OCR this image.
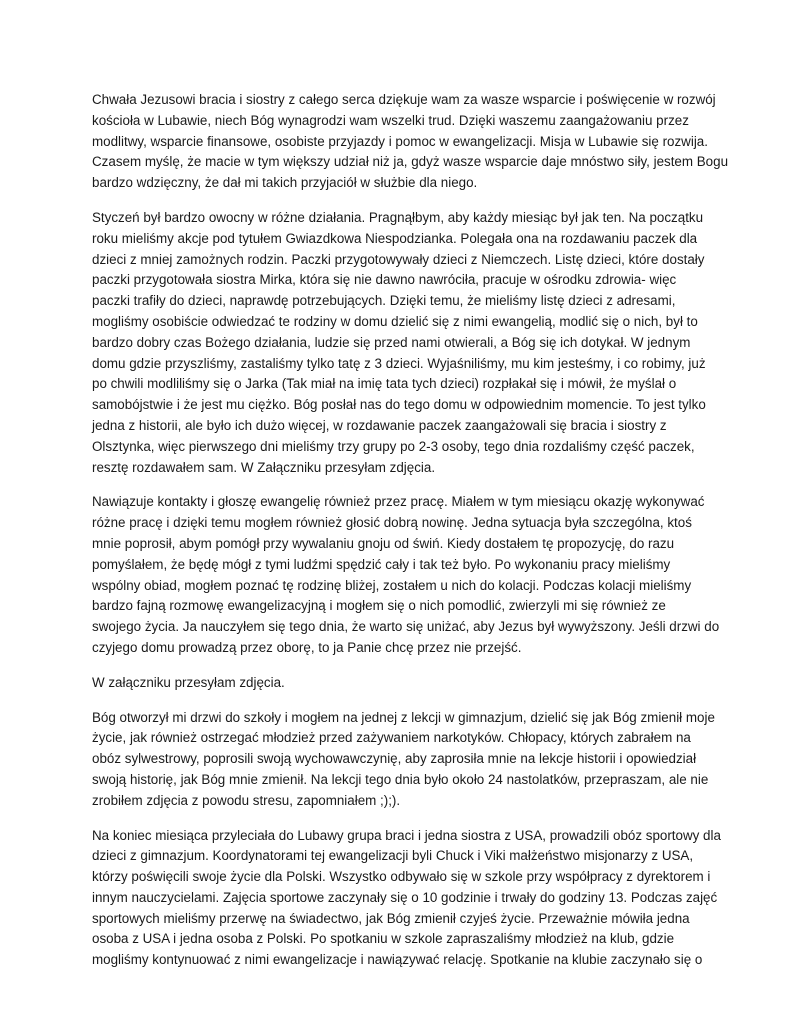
Chwała Jezusowi bracia i siostry z całego serca dziękuje wam za wasze wsparcie i poświęcenie w rozwój
kościoła w Lubawie, niech Bóg wynagrodzi wam wszelki trud. Dzięki waszemu zaangażowaniu przez
modlitwy, wsparcie finansowe, osobiste przyjazdy i pomoc w ewangelizacji. Misja w Lubawie się rozwija.
Czasem myślę, że macie w tym większy udział niż ja, gdyż wasze wsparcie daje mnóstwo siły, jestem Bogu
bardzo wdzięczny, że dał mi takich przyjaciół w służbie dla niego.
Styczeń był bardzo owocny w różne działania. Pragnąłbym, aby każdy miesiąc był jak ten. Na początku
roku mieliśmy akcje pod tytułem Gwiazdkowa Niespodzianka. Polegała ona na rozdawaniu paczek dla
dzieci z mniej zamożnych rodzin. Paczki przygotowywały dzieci z Niemczech. Listę dzieci, które dostały
paczki przygotowała siostra Mirka, która się nie dawno nawróciła, pracuje w ośrodku zdrowia- więc
paczki trafiły do dzieci, naprawdę potrzebujących. Dzięki temu, że mieliśmy listę dzieci z adresami,
mogliśmy osobiście odwiedzać te rodziny w domu dzielić się z nimi ewangelią, modlić się o nich, był to
bardzo dobry czas Bożego działania, ludzie się przed nami otwierali, a Bóg się ich dotykał. W jednym
domu gdzie przyszliśmy, zastaliśmy tylko tatę z 3 dzieci. Wyjaśniliśmy, mu kim jesteśmy, i co robimy, już
po chwili modliliśmy się o Jarka (Tak miał na imię tata tych dzieci) rozpłakał się i mówił, że myślał o
samobójstwie i że jest mu ciężko. Bóg posłał nas do tego domu w odpowiednim momencie. To jest tylko
jedna z historii, ale było ich dużo więcej, w rozdawanie paczek zaangażowali się bracia i siostry z
Olsztynka, więc pierwszego dni mieliśmy trzy grupy po 2-3 osoby, tego dnia rozdaliśmy część paczek,
resztę rozdawałem sam. W Załączniku przesyłam zdjęcia.
Nawiązuje kontakty i głoszę ewangelię również przez pracę. Miałem w tym miesiącu okazję wykonywać
różne pracę i dzięki temu mogłem również głosić dobrą nowinę. Jedna sytuacja była szczególna, ktoś
mnie poprosił, abym pomógł przy wywalaniu gnoju od świń. Kiedy dostałem tę propozycję, do razu
pomyślałem, że będę mógł z tymi ludźmi spędzić cały i tak też było. Po wykonaniu pracy mieliśmy
wspólny obiad, mogłem poznać tę rodzinę bliżej, zostałem u nich do kolacji. Podczas kolacji mieliśmy
bardzo fajną rozmowę ewangelizacyjną i mogłem się o nich pomodlić, zwierzyli mi się również ze
swojego życia. Ja nauczyłem się tego dnia, że warto się uniżać, aby Jezus był wywyższony. Jeśli drzwi do
czyjego domu prowadzą przez oborę, to ja Panie chcę przez nie przejść.
W załączniku przesyłam zdjęcia.
Bóg otworzył mi drzwi do szkoły i mogłem na jednej z lekcji w gimnazjum, dzielić się jak Bóg zmienił moje
życie, jak również ostrzegać młodzież przed zażywaniem narkotyków. Chłopacy, których zabrałem na
obóz sylwestrowy, poprosili swoją wychowawczynię, aby zaprosiła mnie na lekcje historii i opowiedział
swoją historię, jak Bóg mnie zmienił. Na lekcji tego dnia było około 24 nastolatków, przepraszam, ale nie
zrobiłem zdjęcia z powodu stresu, zapomniałem ;);).
Na koniec miesiąca przyleciała do Lubawy grupa braci i jedna siostra z USA, prowadzili obóz sportowy dla
dzieci z gimnazjum. Koordynatorami tej ewangelizacji byli Chuck i Viki małżeństwo misjonarzy z USA,
którzy poświęcili swoje życie dla Polski. Wszystko odbywało się w szkole przy współpracy z dyrektorem i
innym nauczycielami. Zajęcia sportowe zaczynały się o 10 godzinie i trwały do godziny 13. Podczas zajęć
sportowych mieliśmy przerwę na świadectwo, jak Bóg zmienił czyjeś życie. Przeważnie mówiła jedna
osoba z USA i jedna osoba z Polski. Po spotkaniu w szkole zapraszaliśmy młodzież na klub, gdzie
mogliśmy kontynuować z nimi ewangelizacje i nawiązywać relację. Spotkanie na klubie zaczynało się o
